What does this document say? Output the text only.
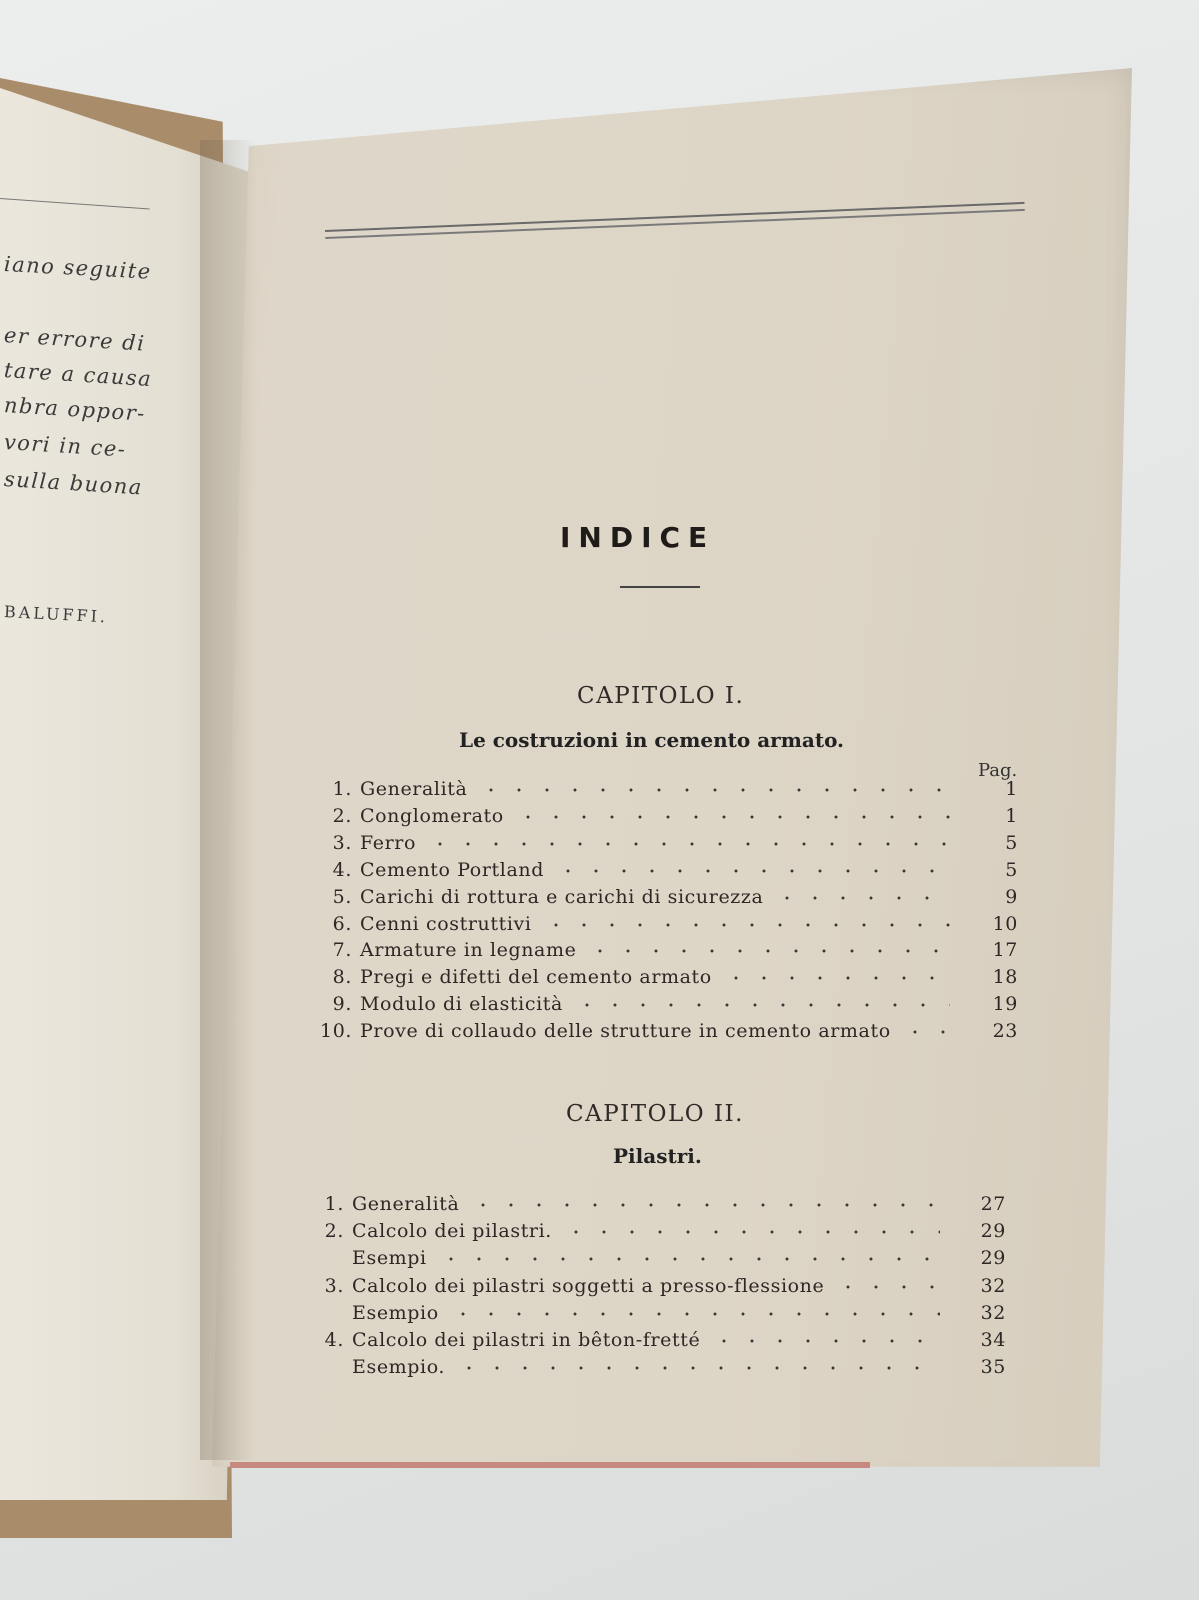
iano seguite
er errore di
tare a causa
nbra oppor-
vori in ce-
sulla buona
BALUFFI.
INDICE
CAPITOLO I.
Le costruzioni in cemento armato.
Pag.
CAPITOLO II.
Pilastri.
1. Generalità	1
2. Conglomerato	1
3. Ferro	5
4. Cemento Portland	5
5. Carichi di rottura e carichi di sicurezza	9
6. Cenni costruttivi	10
7. Armature in legname	17
8. Pregi e difetti del cemento armato	18
9. Modulo di elasticità	19
10. Prove di collaudo delle strutture in cemento armato	23
1. Generalità	27
2. Calcolo dei pilastri.	29
Esempi	29
3. Calcolo dei pilastri soggetti a presso-flessione	32
Esempio	32
4. Calcolo dei pilastri in bêton-fretté	34
Esempio.	35
